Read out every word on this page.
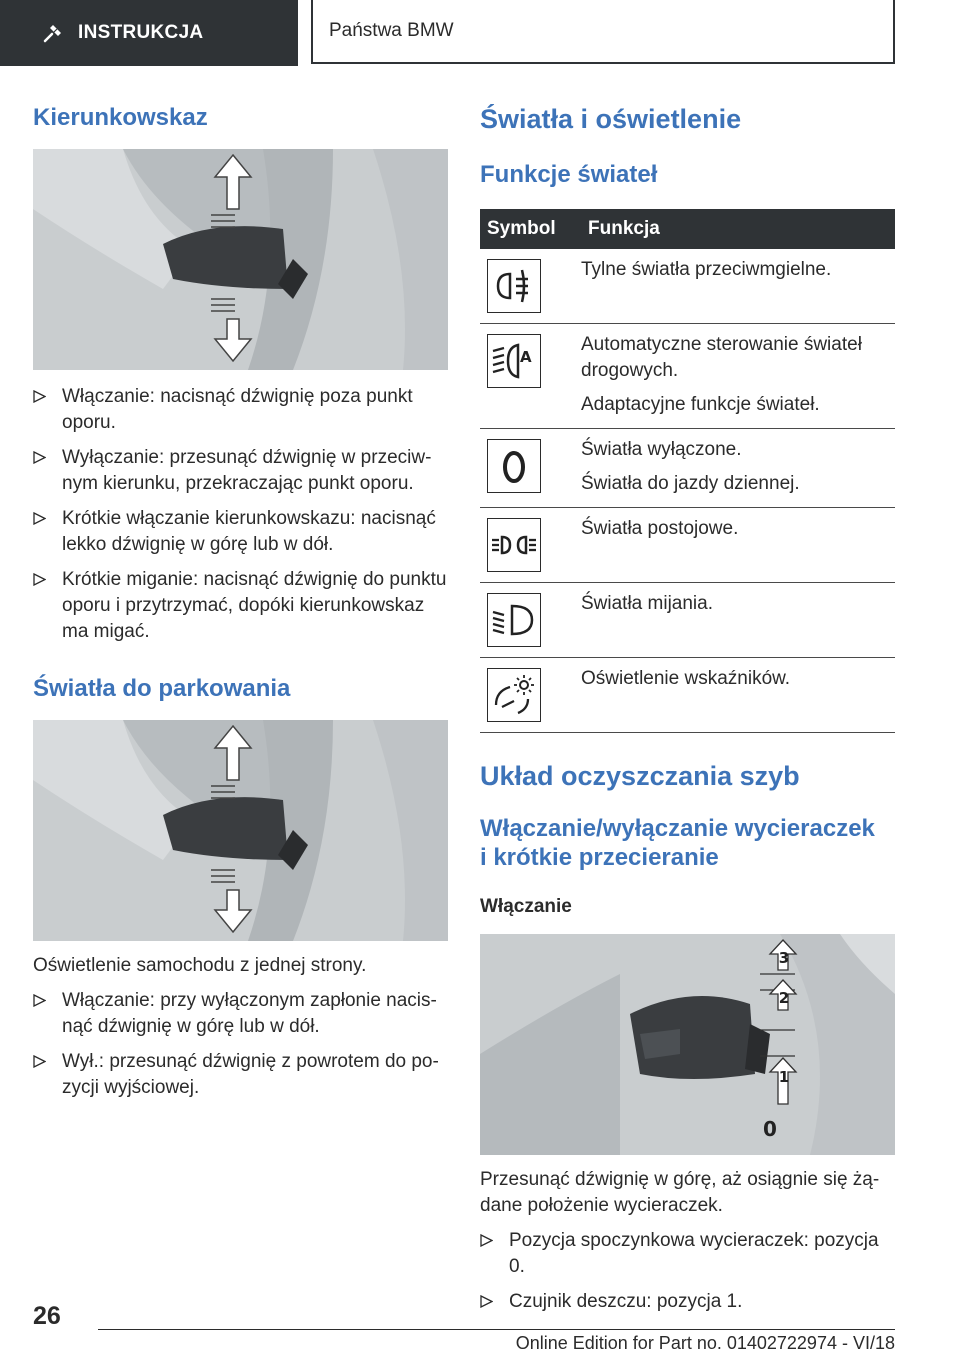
INSTRUKCJA	Państwa BMW
Kierunkowskaz
Włączanie: nacisnąć dźwignię poza punkt oporu.
Wyłączanie: przesunąć dźwignię w przeciwnym kierunku, przekraczając punkt oporu.
Krótkie włączanie kierunkowskazu: nacisnąć lekko dźwignię w górę lub w dół.
Krótkie miganie: nacisnąć dźwignię do punktu oporu i przytrzymać, dopóki kierunkowskaz ma migać.
Światła do parkowania

Oświetlenie samochodu z jednej strony.

Włączanie: przy wyłączonym zapłonie nacisnąć dźwignię w górę lub w dół.
Wył.: przesunąć dźwignię z powrotem do pozycji wyjściowej.
Światła i oświetlenie
Funkcje świateł
Symbol	Funkcja

Tylne światła przeciwmgielne.

A	Automatyczne sterowanie świateł drogowych.
Adaptacyjne funkcje świateł.

Światła wyłączone.
Światła do jazdy dziennej.

Światła postojowe.

Światła mijania.

Oświetlenie wskaźników.
Układ oczyszczania szyb
Włączanie/wyłączanie wycieraczek i krótkie przecieranie
Włączanie
3
2
1
0

Przesunąć dźwignię w górę, aż osiągnie się żądane położenie wycieraczek.

Pozycja spoczynkowa wycieraczek: pozycja 0.
Czujnik deszczu: pozycja 1.
26
Online Edition for Part no. 01402722974 - VI/18
